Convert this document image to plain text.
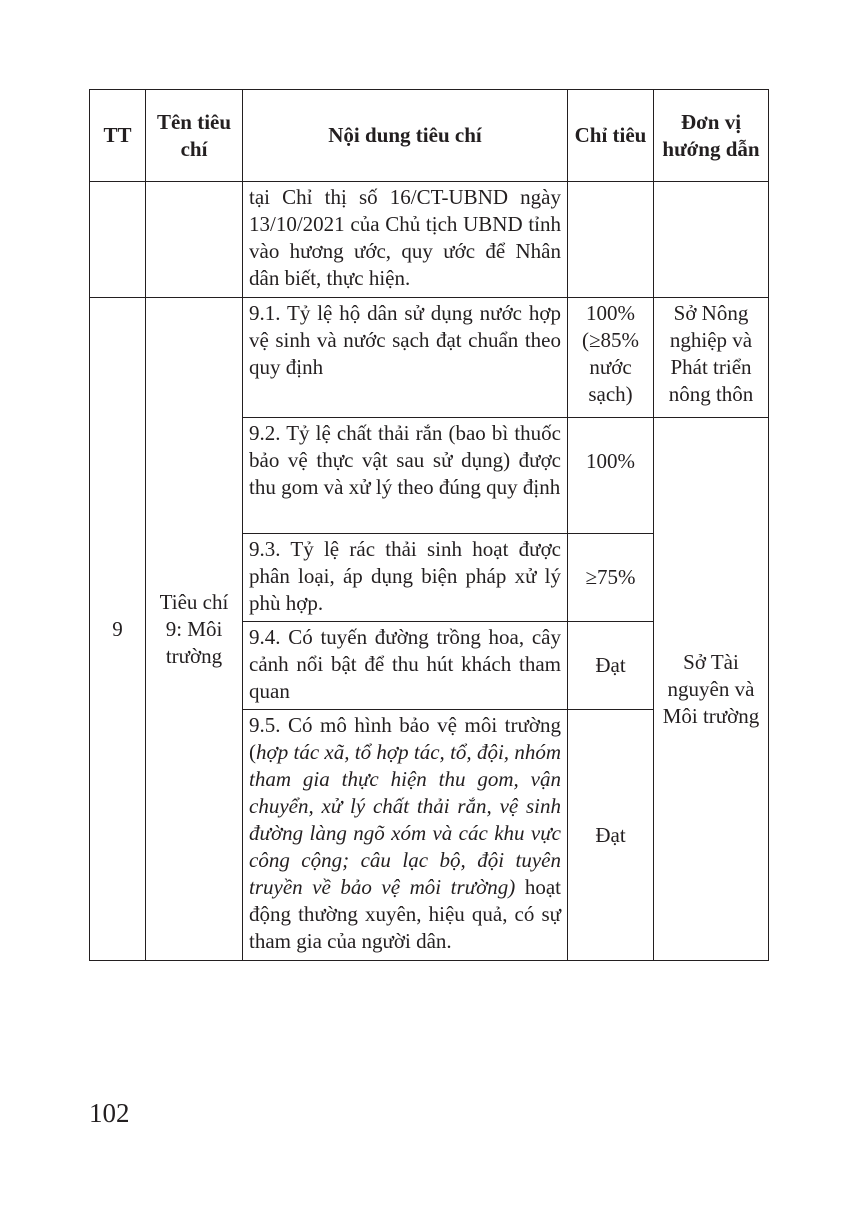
TT	Tên tiêu chí	Nội dung tiêu chí	Chỉ tiêu	Đơn vị hướng dẫn
		tại Chỉ thị số 16/CT-UBND ngày 13/10/2021 của Chủ tịch UBND tỉnh vào hương ước, quy ước để Nhân dân biết, thực hiện.		
9	Tiêu chí 9: Môi trường	9.1. Tỷ lệ hộ dân sử dụng nước hợp vệ sinh và nước sạch đạt chuẩn theo quy định	100% (≥85% nước sạch)	Sở Nông nghiệp và Phát triển nông thôn
		9.2. Tỷ lệ chất thải rắn (bao bì thuốc bảo vệ thực vật sau sử dụng) được thu gom và xử lý theo đúng quy định	100%	Sở Tài nguyên và Môi trường
		9.3. Tỷ lệ rác thải sinh hoạt được phân loại, áp dụng biện pháp xử lý phù hợp.	≥75%	
		9.4. Có tuyến đường trồng hoa, cây cảnh nổi bật để thu hút khách tham quan	Đạt	
		9.5. Có mô hình bảo vệ môi trường (hợp tác xã, tổ hợp tác, tổ, đội, nhóm tham gia thực hiện thu gom, vận chuyển, xử lý chất thải rắn, vệ sinh đường làng ngõ xóm và các khu vực công cộng; câu lạc bộ, đội tuyên truyền về bảo vệ môi trường) hoạt động thường xuyên, hiệu quả, có sự tham gia của người dân.	Đạt	
102
